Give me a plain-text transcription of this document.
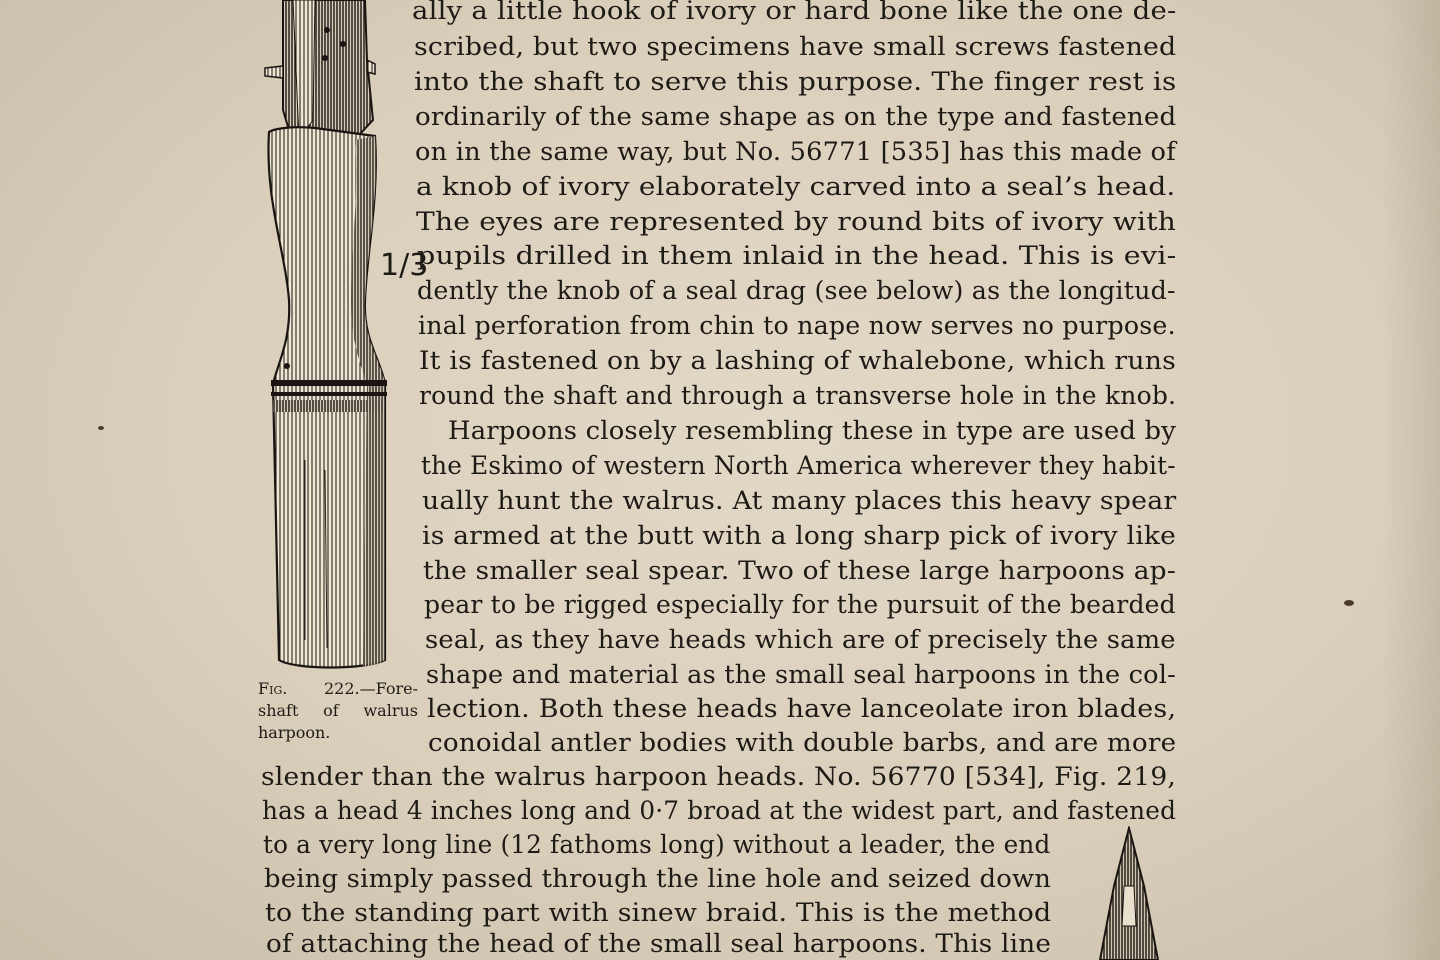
1/3
Fig. 222.—Fore-shaft of walrus harpoon.
ally a little hook of ivory or hard bone like the one de-
scribed, but two specimens have small screws fastened
into the shaft to serve this purpose. The finger rest is
ordinarily of the same shape as on the type and fastened
on in the same way, but No. 56771 [535] has this made of
a knob of ivory elaborately carved into a seal’s head.
The eyes are represented by round bits of ivory with
pupils drilled in them inlaid in the head. This is evi-
dently the knob of a seal drag (see below) as the longitud-
inal perforation from chin to nape now serves no purpose.
It is fastened on by a lashing of whalebone, which runs
round the shaft and through a transverse hole in the knob.
Harpoons closely resembling these in type are used by
the Eskimo of western North America wherever they habit-
ually hunt the walrus. At many places this heavy spear
is armed at the butt with a long sharp pick of ivory like
the smaller seal spear. Two of these large harpoons ap-
pear to be rigged especially for the pursuit of the bearded
seal, as they have heads which are of precisely the same
shape and material as the small seal harpoons in the col-
lection. Both these heads have lanceolate iron blades,
conoidal antler bodies with double barbs, and are more
slender than the walrus harpoon heads. No. 56770 [534], Fig. 219,
has a head 4 inches long and 0·7 broad at the widest part, and fastened
to a very long line (12 fathoms long) without a leader, the end
being simply passed through the line hole and seized down
to the standing part with sinew braid. This is the method
of attaching the head of the small seal harpoons. This line
